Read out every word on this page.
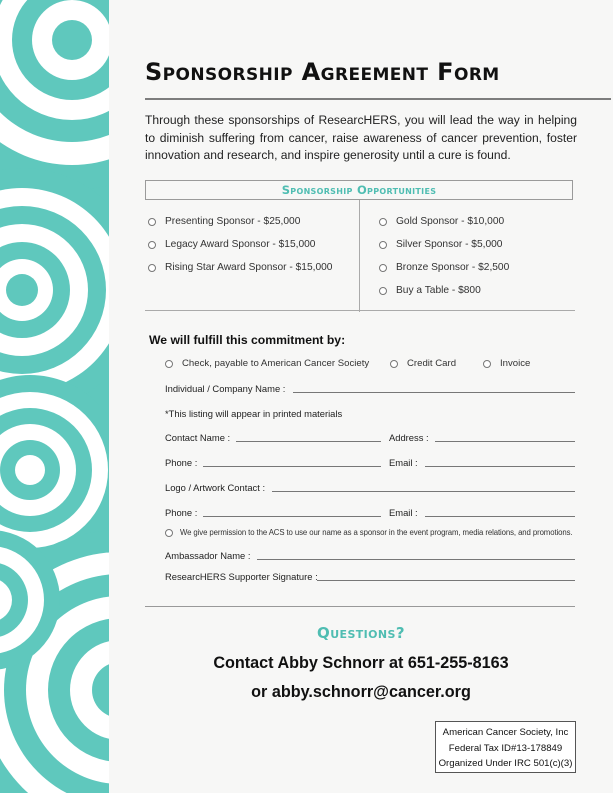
Sponsorship Agreement Form

Through these sponsorships of ResearcHERS, you will lead the way in helping to diminish suffering from cancer, raise awareness of cancer prevention, foster innovation and research, and inspire generosity until a cure is found.

Sponsorship Opportunities
Presenting Sponsor - $25,000
Legacy Award Sponsor - $15,000
Rising Star Award Sponsor - $15,000
Gold Sponsor - $10,000
Silver Sponsor - $5,000
Bronze Sponsor - $2,500
Buy a Table - $800
We will fulfill this commitment by:
Check, payable to American Cancer Society	Credit Card	Invoice
Individual / Company Name :
*This listing will appear in printed materials
Contact Name :	Address :
Phone :	Email :
Logo / Artwork Contact :
Phone :	Email :
We give permission to the ACS to use our name as a sponsor in the event program, media relations, and promotions.
Ambassador Name :
ResearcHERS Supporter Signature :
Questions?

Contact Abby Schnorr at 651-255-8163

or abby.schnorr@cancer.org

American Cancer Society, Inc
Federal Tax ID#13-178849
Organized Under IRC 501(c)(3)
